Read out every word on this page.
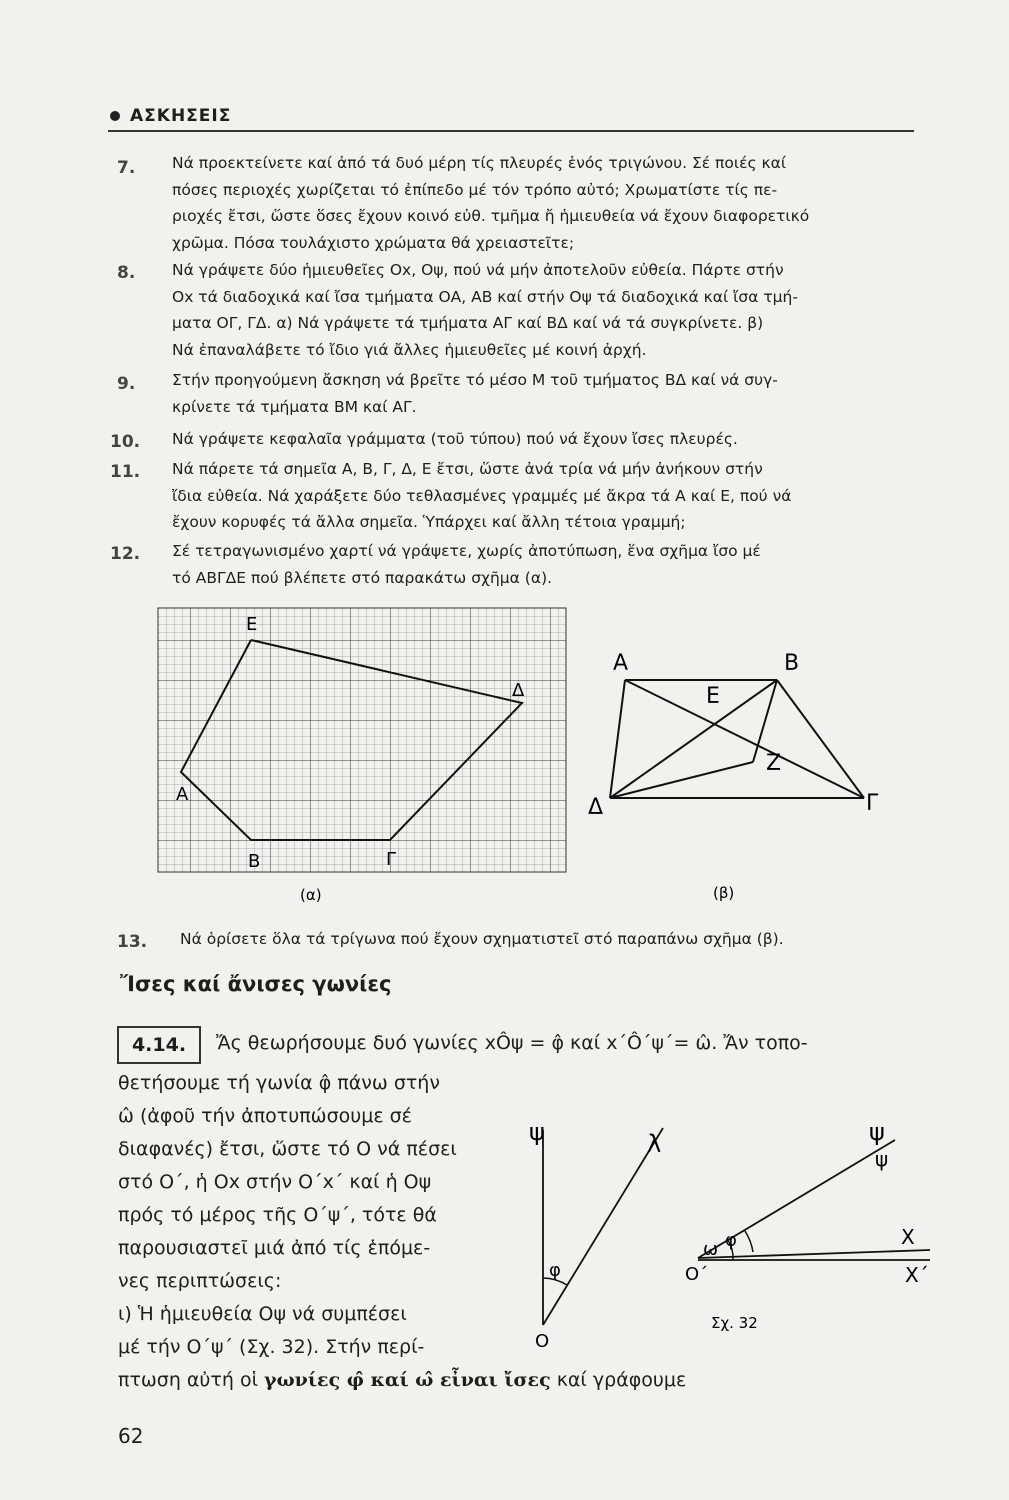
ΑΣΚΗΣΕΙΣ
7. Νά προεκτείνετε καί ἀπό τά δυό μέρη τίς πλευρές ἑνός τριγώνου. Σέ ποιές καί
πόσες περιοχές χωρίζεται τό ἐπίπεδο μέ τόν τρόπο αὐτό; Χρωματίστε τίς πε-
ριοχές ἔτσι, ὥστε ὅσες ἔχουν κοινό εὐθ. τμῆμα ἤ ἡμιευθεία νά ἔχουν διαφορετικό
χρῶμα. Πόσα τουλάχιστο χρώματα θά χρειαστεῖτε;
8. Νά γράψετε δύο ἡμιευθεῖες Οx, Οψ, πού νά μήν ἀποτελοῦν εὐθεία. Πάρτε στήν
Οx τά διαδοχικά καί ἴσα τμήματα ΟΑ, ΑΒ καί στήν Οψ τά διαδοχικά καί ἴσα τμή-
ματα ΟΓ, ΓΔ. α) Νά γράψετε τά τμήματα ΑΓ καί ΒΔ καί νά τά συγκρίνετε. β)
Νά ἐπαναλάβετε τό ἴδιο γιά ἄλλες ἡμιευθεῖες μέ κοινή ἀρχή.
9. Στήν προηγούμενη ἄσκηση νά βρεῖτε τό μέσο Μ τοῦ τμήματος ΒΔ καί νά συγ-
κρίνετε τά τμήματα ΒΜ καί ΑΓ.
10. Νά γράψετε κεφαλαῖα γράμματα (τοῦ τύπου) πού νά ἔχουν ἴσες πλευρές.
11. Νά πάρετε τά σημεῖα Α, Β, Γ, Δ, Ε ἔτσι, ὥστε ἀνά τρία νά μήν ἀνήκουν στήν
ἴδια εὐθεία. Νά χαράξετε δύο τεθλασμένες γραμμές μέ ἄκρα τά Α καί Ε, πού νά
ἔχουν κορυφές τά ἄλλα σημεῖα. Ὑπάρχει καί ἄλλη τέτοια γραμμή;
12. Σέ τετραγωνισμένο χαρτί νά γράψετε, χωρίς ἀποτύπωση, ἕνα σχῆμα ἴσο μέ
τό ΑΒΓΔΕ πού βλέπετε στό παρακάτω σχῆμα (α).
Ε
Δ
Α
Β	Γ
(α)
Α	Β
Ε
Ζ
Δ	Γ
(β)
13. Νά ὁρίσετε ὅλα τά τρίγωνα πού ἔχουν σχηματιστεῖ στό παραπάνω σχῆμα (β).
Ἴσες καί ἄνισες γωνίες
4.14.	Ἄς θεωρήσουμε δυό γωνίες xÔψ = φ̂ καί x΄Ô΄ψ΄= ω̂. Ἄν τοπο-
θετήσουμε τή γωνία φ̂ πάνω στήν
ω̂ (ἀφοῦ τήν ἀποτυπώσουμε σέ
διαφανές) ἔτσι, ὥστε τό Ο νά πέσει
στό Ο΄, ἡ Οx στήν Ο΄x΄ καί ἡ Οψ
πρός τό μέρος τῆς Ο΄ψ΄, τότε θά
παρουσιαστεῖ μιά ἀπό τίς ἑπόμε-
νες περιπτώσεις:
ι) Ἡ ἡμιευθεία Οψ νά συμπέσει
μέ τήν Ο΄ψ΄ (Σχ. 32). Στήν περί-
πτωση αὐτή οἱ γωνίες φ̂ καί ω̂ εἶναι ἴσες καί γράφουμε
ψ	λ	ψ
ψ
Χ
Χ΄
ω φ
φ
Ο
Ο΄
Σχ. 32
62
